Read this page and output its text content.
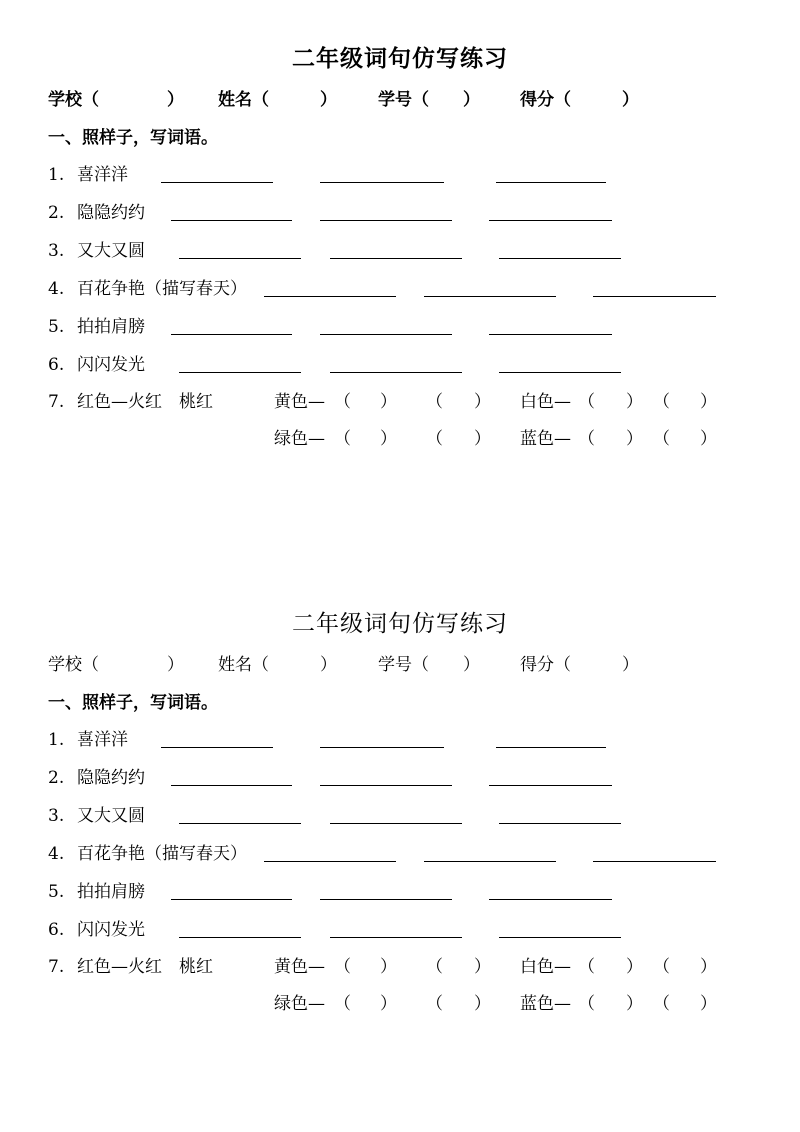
二年级词句仿写练习
学校（　　　　） 姓名（　　　） 学号（　　） 得分（　　　）
一、照样子，写词语。
1. 喜洋洋
2. 隐隐约约
3. 又大又圆
4. 百花争艳（描写春天）
5. 拍拍肩膀
6. 闪闪发光
7. 红色—火红　桃红	黄色— （ ） （ ） 白色— （ ） （ ）
绿色— （ ） （ ） 蓝色— （ ） （ ）
二年级词句仿写练习
学校（　　　　） 姓名（　　　） 学号（　　） 得分（　　　）
一、照样子，写词语。
1. 喜洋洋
2. 隐隐约约
3. 又大又圆
4. 百花争艳（描写春天）
5. 拍拍肩膀
6. 闪闪发光
7. 红色—火红　桃红	黄色— （ ） （ ） 白色— （ ） （ ）
绿色— （ ） （ ） 蓝色— （ ） （ ）
